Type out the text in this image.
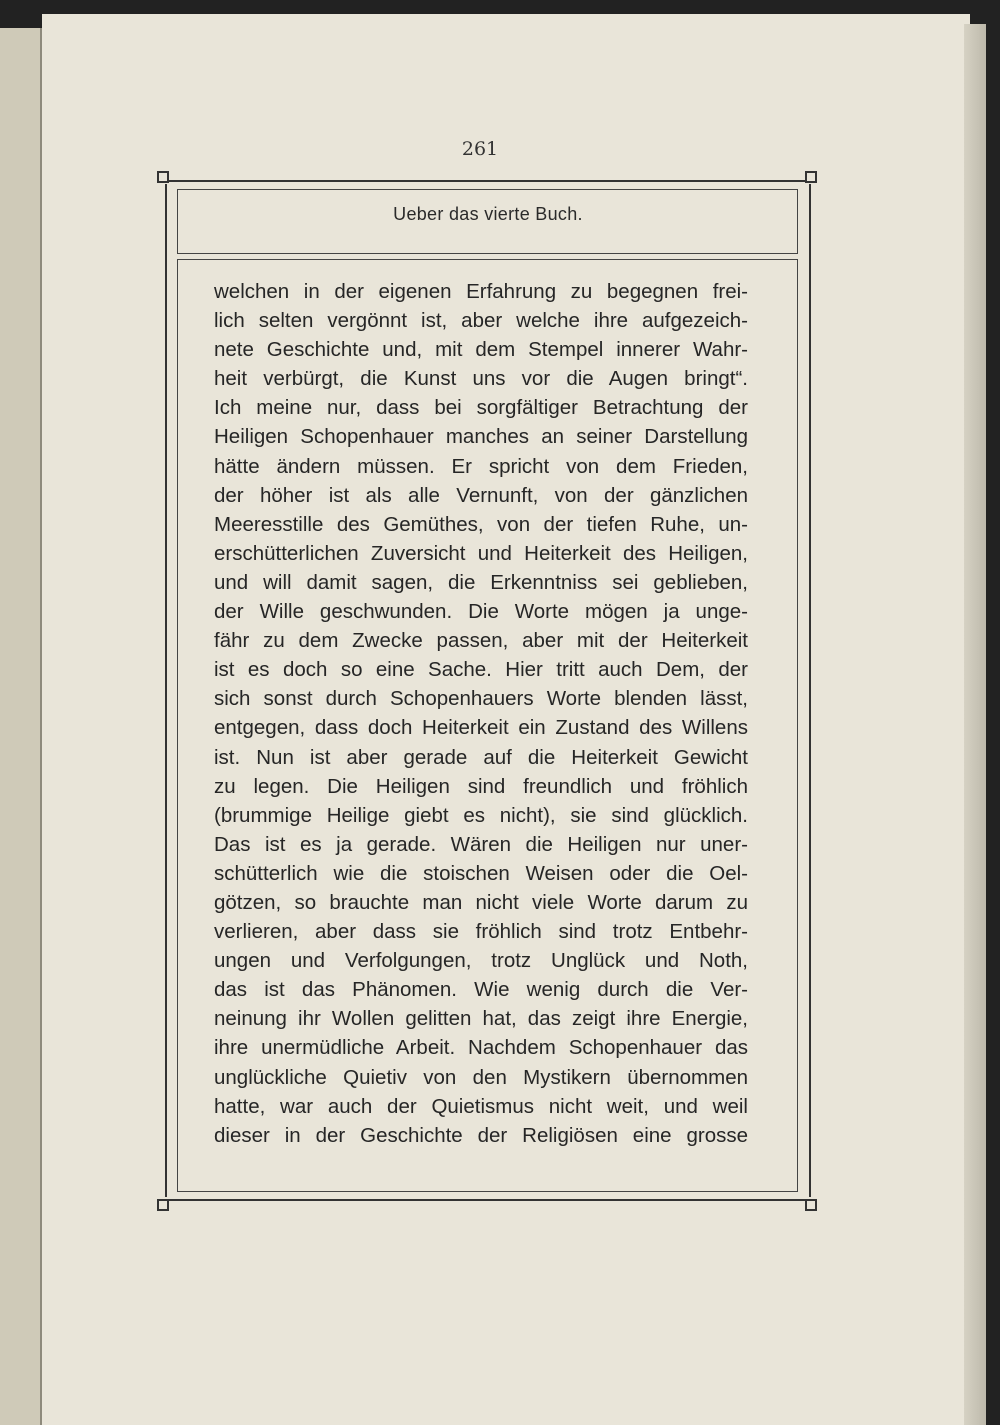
261
Ueber das vierte Buch.
welchen in der eigenen Erfahrung zu begegnen frei-
lich selten vergönnt ist, aber welche ihre aufgezeich-
nete Geschichte und, mit dem Stempel innerer Wahr-
heit verbürgt, die Kunst uns vor die Augen bringt“.
Ich meine nur, dass bei sorgfältiger Betrachtung der
Heiligen Schopenhauer manches an seiner Darstellung
hätte ändern müssen. Er spricht von dem Frieden,
der höher ist als alle Vernunft, von der gänzlichen
Meeresstille des Gemüthes, von der tiefen Ruhe, un-
erschütterlichen Zuversicht und Heiterkeit des Heiligen,
und will damit sagen, die Erkenntniss sei geblieben,
der Wille geschwunden. Die Worte mögen ja unge-
fähr zu dem Zwecke passen, aber mit der Heiterkeit
ist es doch so eine Sache. Hier tritt auch Dem, der
sich sonst durch Schopenhauers Worte blenden lässt,
entgegen, dass doch Heiterkeit ein Zustand des Willens
ist. Nun ist aber gerade auf die Heiterkeit Gewicht
zu legen. Die Heiligen sind freundlich und fröhlich
(brummige Heilige giebt es nicht), sie sind glücklich.
Das ist es ja gerade. Wären die Heiligen nur uner-
schütterlich wie die stoischen Weisen oder die Oel-
götzen, so brauchte man nicht viele Worte darum zu
verlieren, aber dass sie fröhlich sind trotz Entbehr-
ungen und Verfolgungen, trotz Unglück und Noth,
das ist das Phänomen. Wie wenig durch die Ver-
neinung ihr Wollen gelitten hat, das zeigt ihre Energie,
ihre unermüdliche Arbeit. Nachdem Schopenhauer das
unglückliche Quietiv von den Mystikern übernommen
hatte, war auch der Quietismus nicht weit, und weil
dieser in der Geschichte der Religiösen eine grosse
